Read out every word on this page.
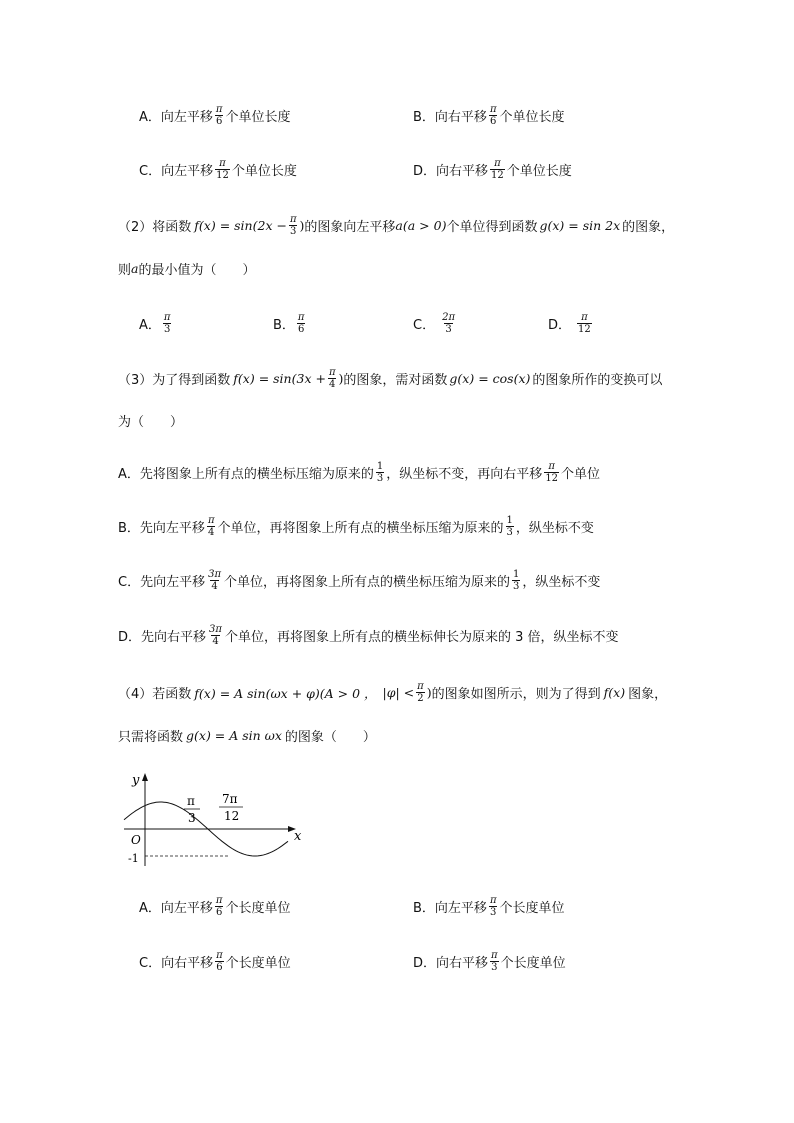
A． 向左平移 $\frac{\pi}{6}$ 个单位长度	B． 向右平移 $\frac{\pi}{6}$ 个单位长度
C． 向左平移 $\frac{\pi}{12}$ 个单位长度	D． 向右平移 $\frac{\pi}{12}$ 个单位长度
（2） 将函数 $f(x) = \sin(2x - \frac{\pi}{3}$ ) 的图象向左平移 a(a > 0) 个单位得到函数 g(x) = sin 2x 的图象，
则 a 的最小值为（　　）
A． $\frac{\pi}{3}$	B． $\frac{\pi}{6}$	C． $\frac{2\pi}{3}$	D． $\frac{\pi}{12}$
（3） 为了得到函数 $f(x) = \sin(3x + \frac{\pi}{4}$ ) 的图象，需对函数 g(x) = cos(x) 的图象所作的变换可以
为（　　）
A． 先将图象上所有点的横坐标压缩为原来的 $\frac{1}{3}$ ，纵坐标不变，再向右平移 $\frac{\pi}{12}$ 个单位
B． 先向左平移 $\frac{\pi}{4}$ 个单位，再将图象上所有点的横坐标压缩为原来的 $\frac{1}{3}$ ，纵坐标不变
C． 先向左平移 $\frac{3\pi}{4}$ 个单位，再将图象上所有点的横坐标压缩为原来的 $\frac{1}{3}$ ，纵坐标不变
D． 先向右平移 $\frac{3\pi}{4}$ 个单位，再将图象上所有点的横坐标伸长为原来的 3 倍，纵坐标不变
（4） 若函数 f(x) = A sin(ωx + φ)(A > 0 ， $|\varphi| < \frac{\pi}{2}$ ) 的图象如图所示，则为了得到 f(x) 图象，
只需将函数 g(x) = A sin ωx 的图象（　　）
y
x
O
-1
π
3
7π
12
A． 向左平移 $\frac{\pi}{6}$ 个长度单位	B． 向左平移 $\frac{\pi}{3}$ 个长度单位
C． 向右平移 $\frac{\pi}{6}$ 个长度单位	D． 向右平移 $\frac{\pi}{3}$ 个长度单位
